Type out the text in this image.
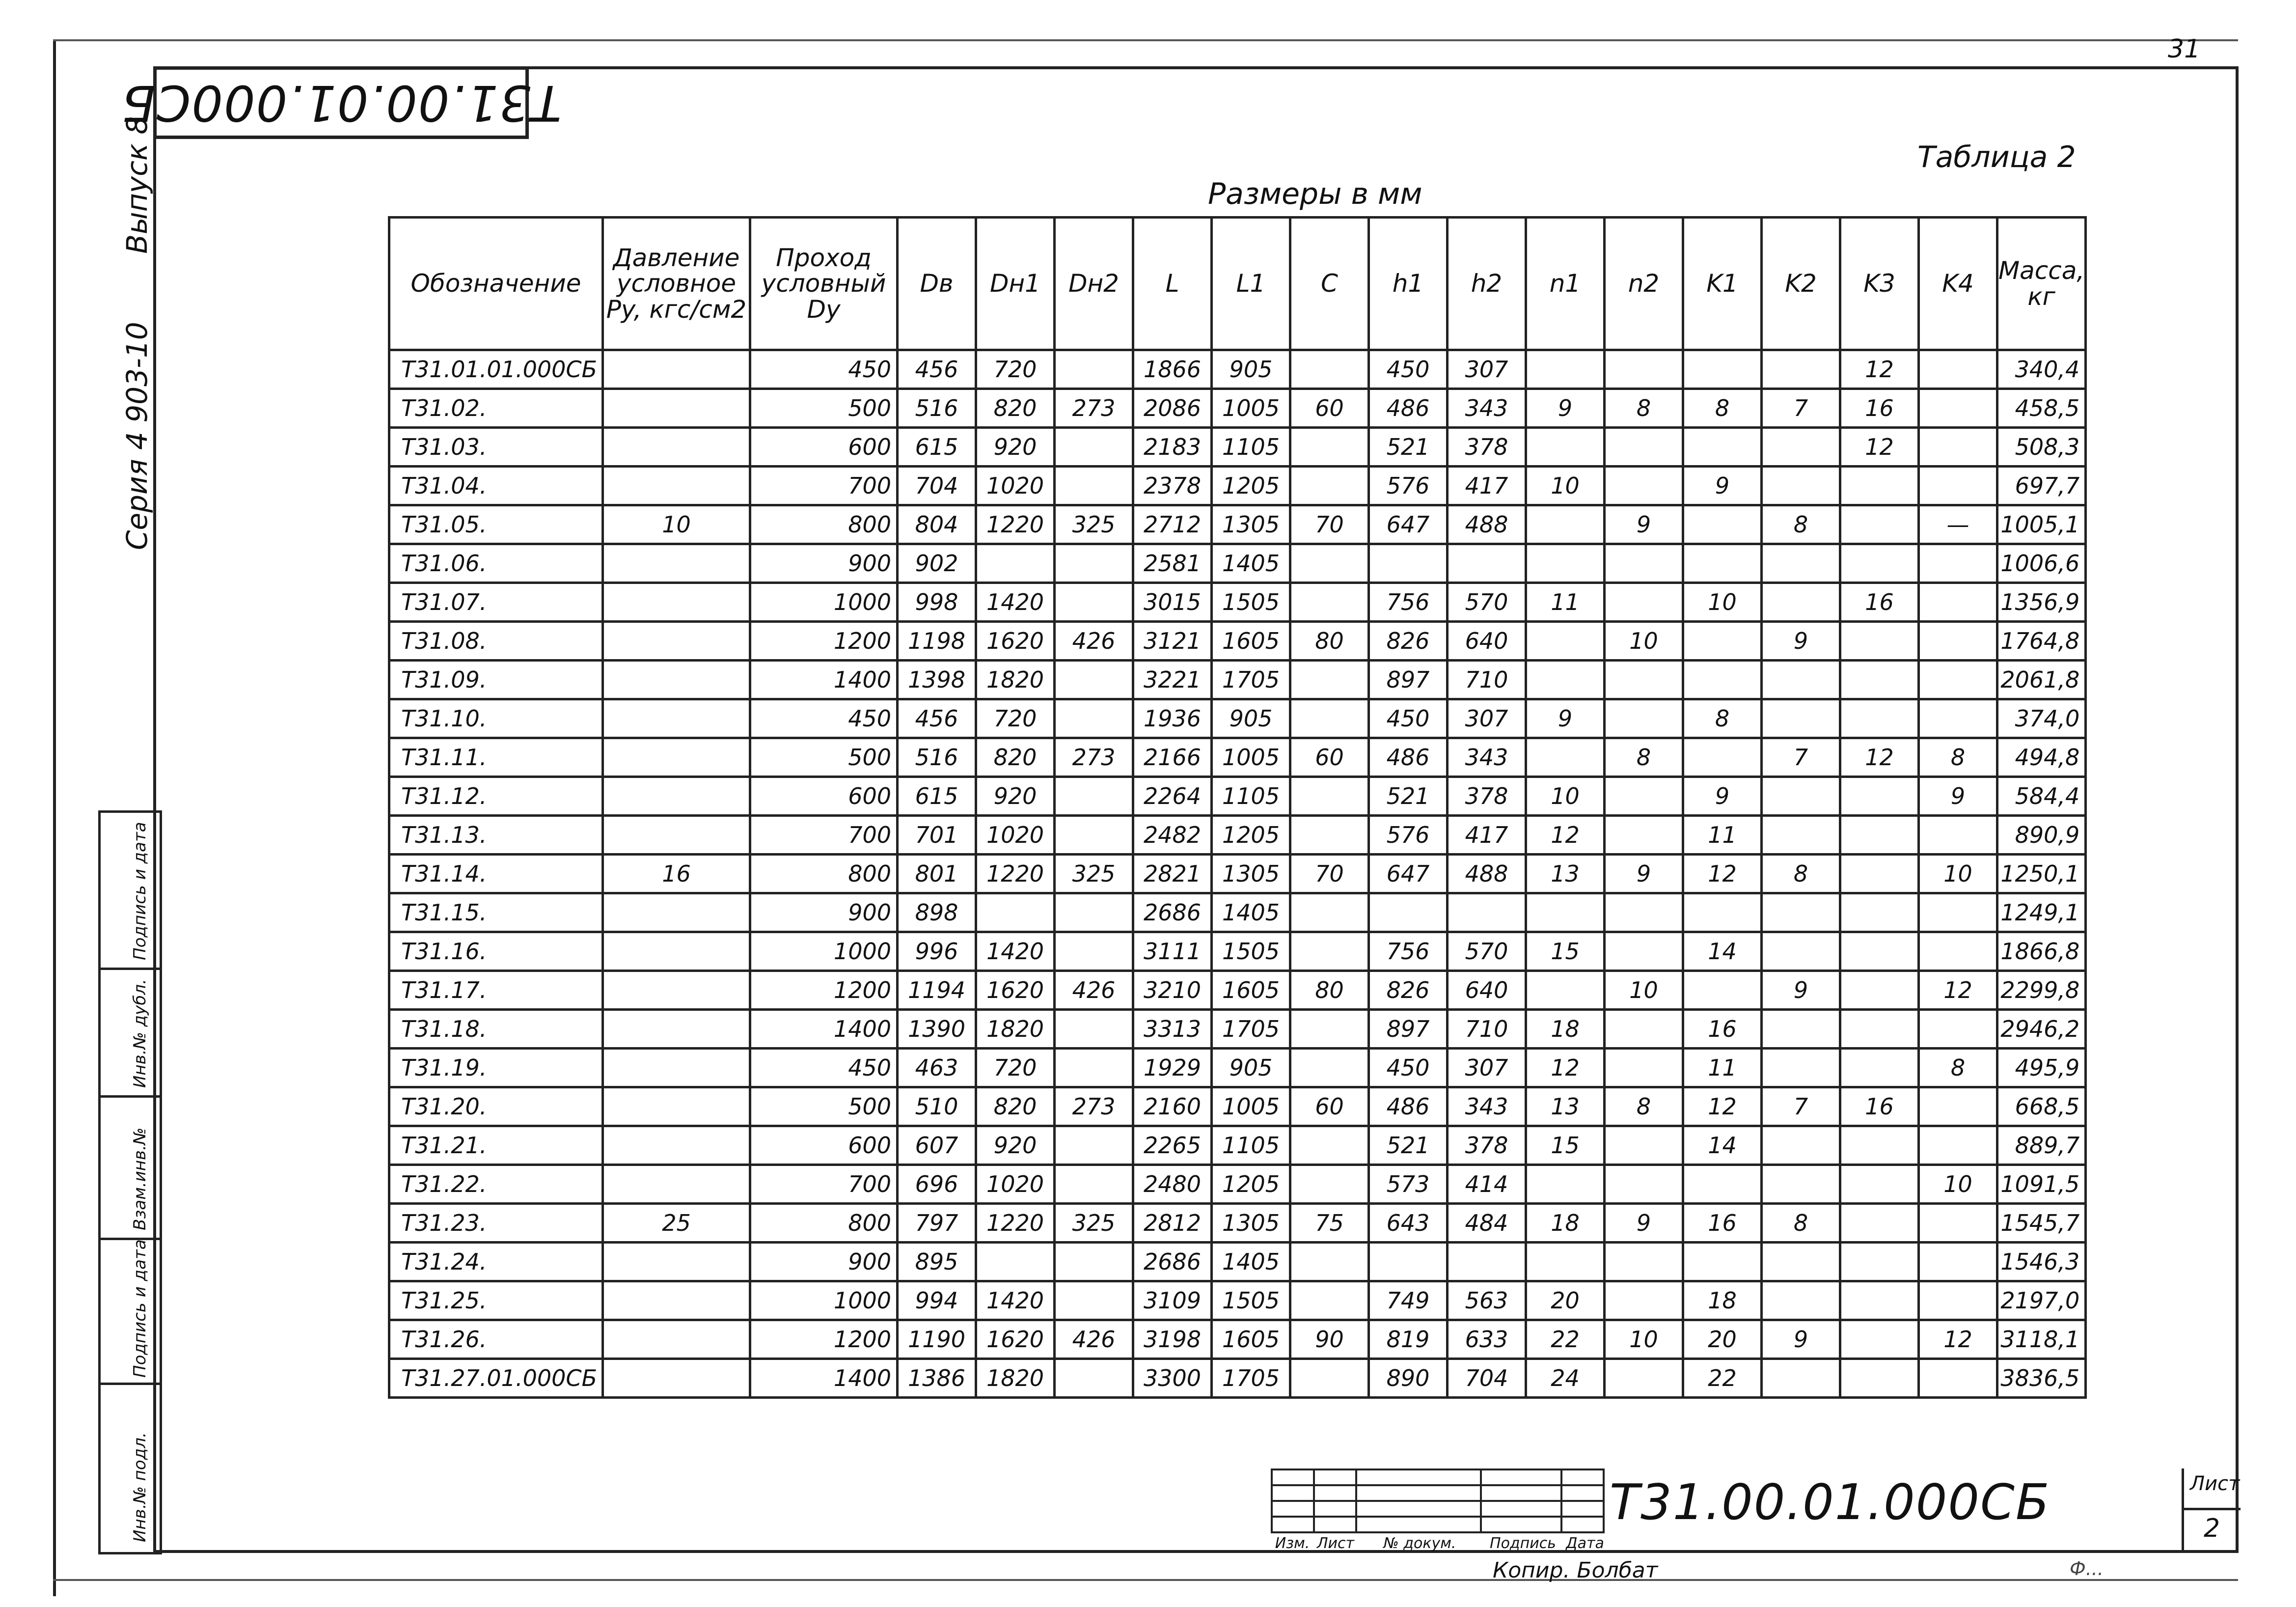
31
Т31.00.01.000СБ
Таблица 2
Размеры в мм
Серия 4 903-10 Выпуск 8
Подпись и дата
Инв.№ дубл.
Взам.инв.№
Подпись и дата
Инв.№ подл.
Обозначение	Давление условное Py, кгс/см2	Проход условный Dy	Dв	Dн1	Dн2	L	L1	C	h1	h2	n1	n2	K1	K2	K3	K4	Масса, кг
Т31.01.01.000СБ		450	456	720		1866	905		450	307					12		340,4
Т31.02.		500	516	820	273	2086	1005	60	486	343	9	8	8	7	16		458,5
Т31.03.		600	615	920		2183	1105		521	378					12		508,3
Т31.04.		700	704	1020		2378	1205		576	417	10		9				697,7
Т31.05.	10	800	804	1220	325	2712	1305	70	647	488		9		8		—	1005,1
Т31.06.		900	902			2581	1405										1006,6
Т31.07.		1000	998	1420		3015	1505		756	570	11		10		16		1356,9
Т31.08.		1200	1198	1620	426	3121	1605	80	826	640		10		9			1764,8
Т31.09.		1400	1398	1820		3221	1705		897	710							2061,8
Т31.10.		450	456	720		1936	905		450	307	9		8				374,0
Т31.11.		500	516	820	273	2166	1005	60	486	343		8		7	12	8	494,8
Т31.12.		600	615	920		2264	1105		521	378	10		9			9	584,4
Т31.13.		700	701	1020		2482	1205		576	417	12		11				890,9
Т31.14.	16	800	801	1220	325	2821	1305	70	647	488	13	9	12	8		10	1250,1
Т31.15.		900	898			2686	1405										1249,1
Т31.16.		1000	996	1420		3111	1505		756	570	15		14				1866,8
Т31.17.		1200	1194	1620	426	3210	1605	80	826	640		10		9		12	2299,8
Т31.18.		1400	1390	1820		3313	1705		897	710	18		16				2946,2
Т31.19.		450	463	720		1929	905		450	307	12		11			8	495,9
Т31.20.		500	510	820	273	2160	1005	60	486	343	13	8	12	7	16		668,5
Т31.21.		600	607	920		2265	1105		521	378	15		14				889,7
Т31.22.		700	696	1020		2480	1205		573	414						10	1091,5
Т31.23.	25	800	797	1220	325	2812	1305	75	643	484	18	9	16	8			1545,7
Т31.24.		900	895			2686	1405										1546,3
Т31.25.		1000	994	1420		3109	1505		749	563	20		18				2197,0
Т31.26.		1200	1190	1620	426	3198	1605	90	819	633	22	10	20	9		12	3118,1
Т31.27.01.000СБ		1400	1386	1820		3300	1705		890	704	24		22				3836,5

Изм. Лист № докум. Подпись Дата
Т31.00.01.000СБ	Лист
2
Копир. Болбат	Ф...
